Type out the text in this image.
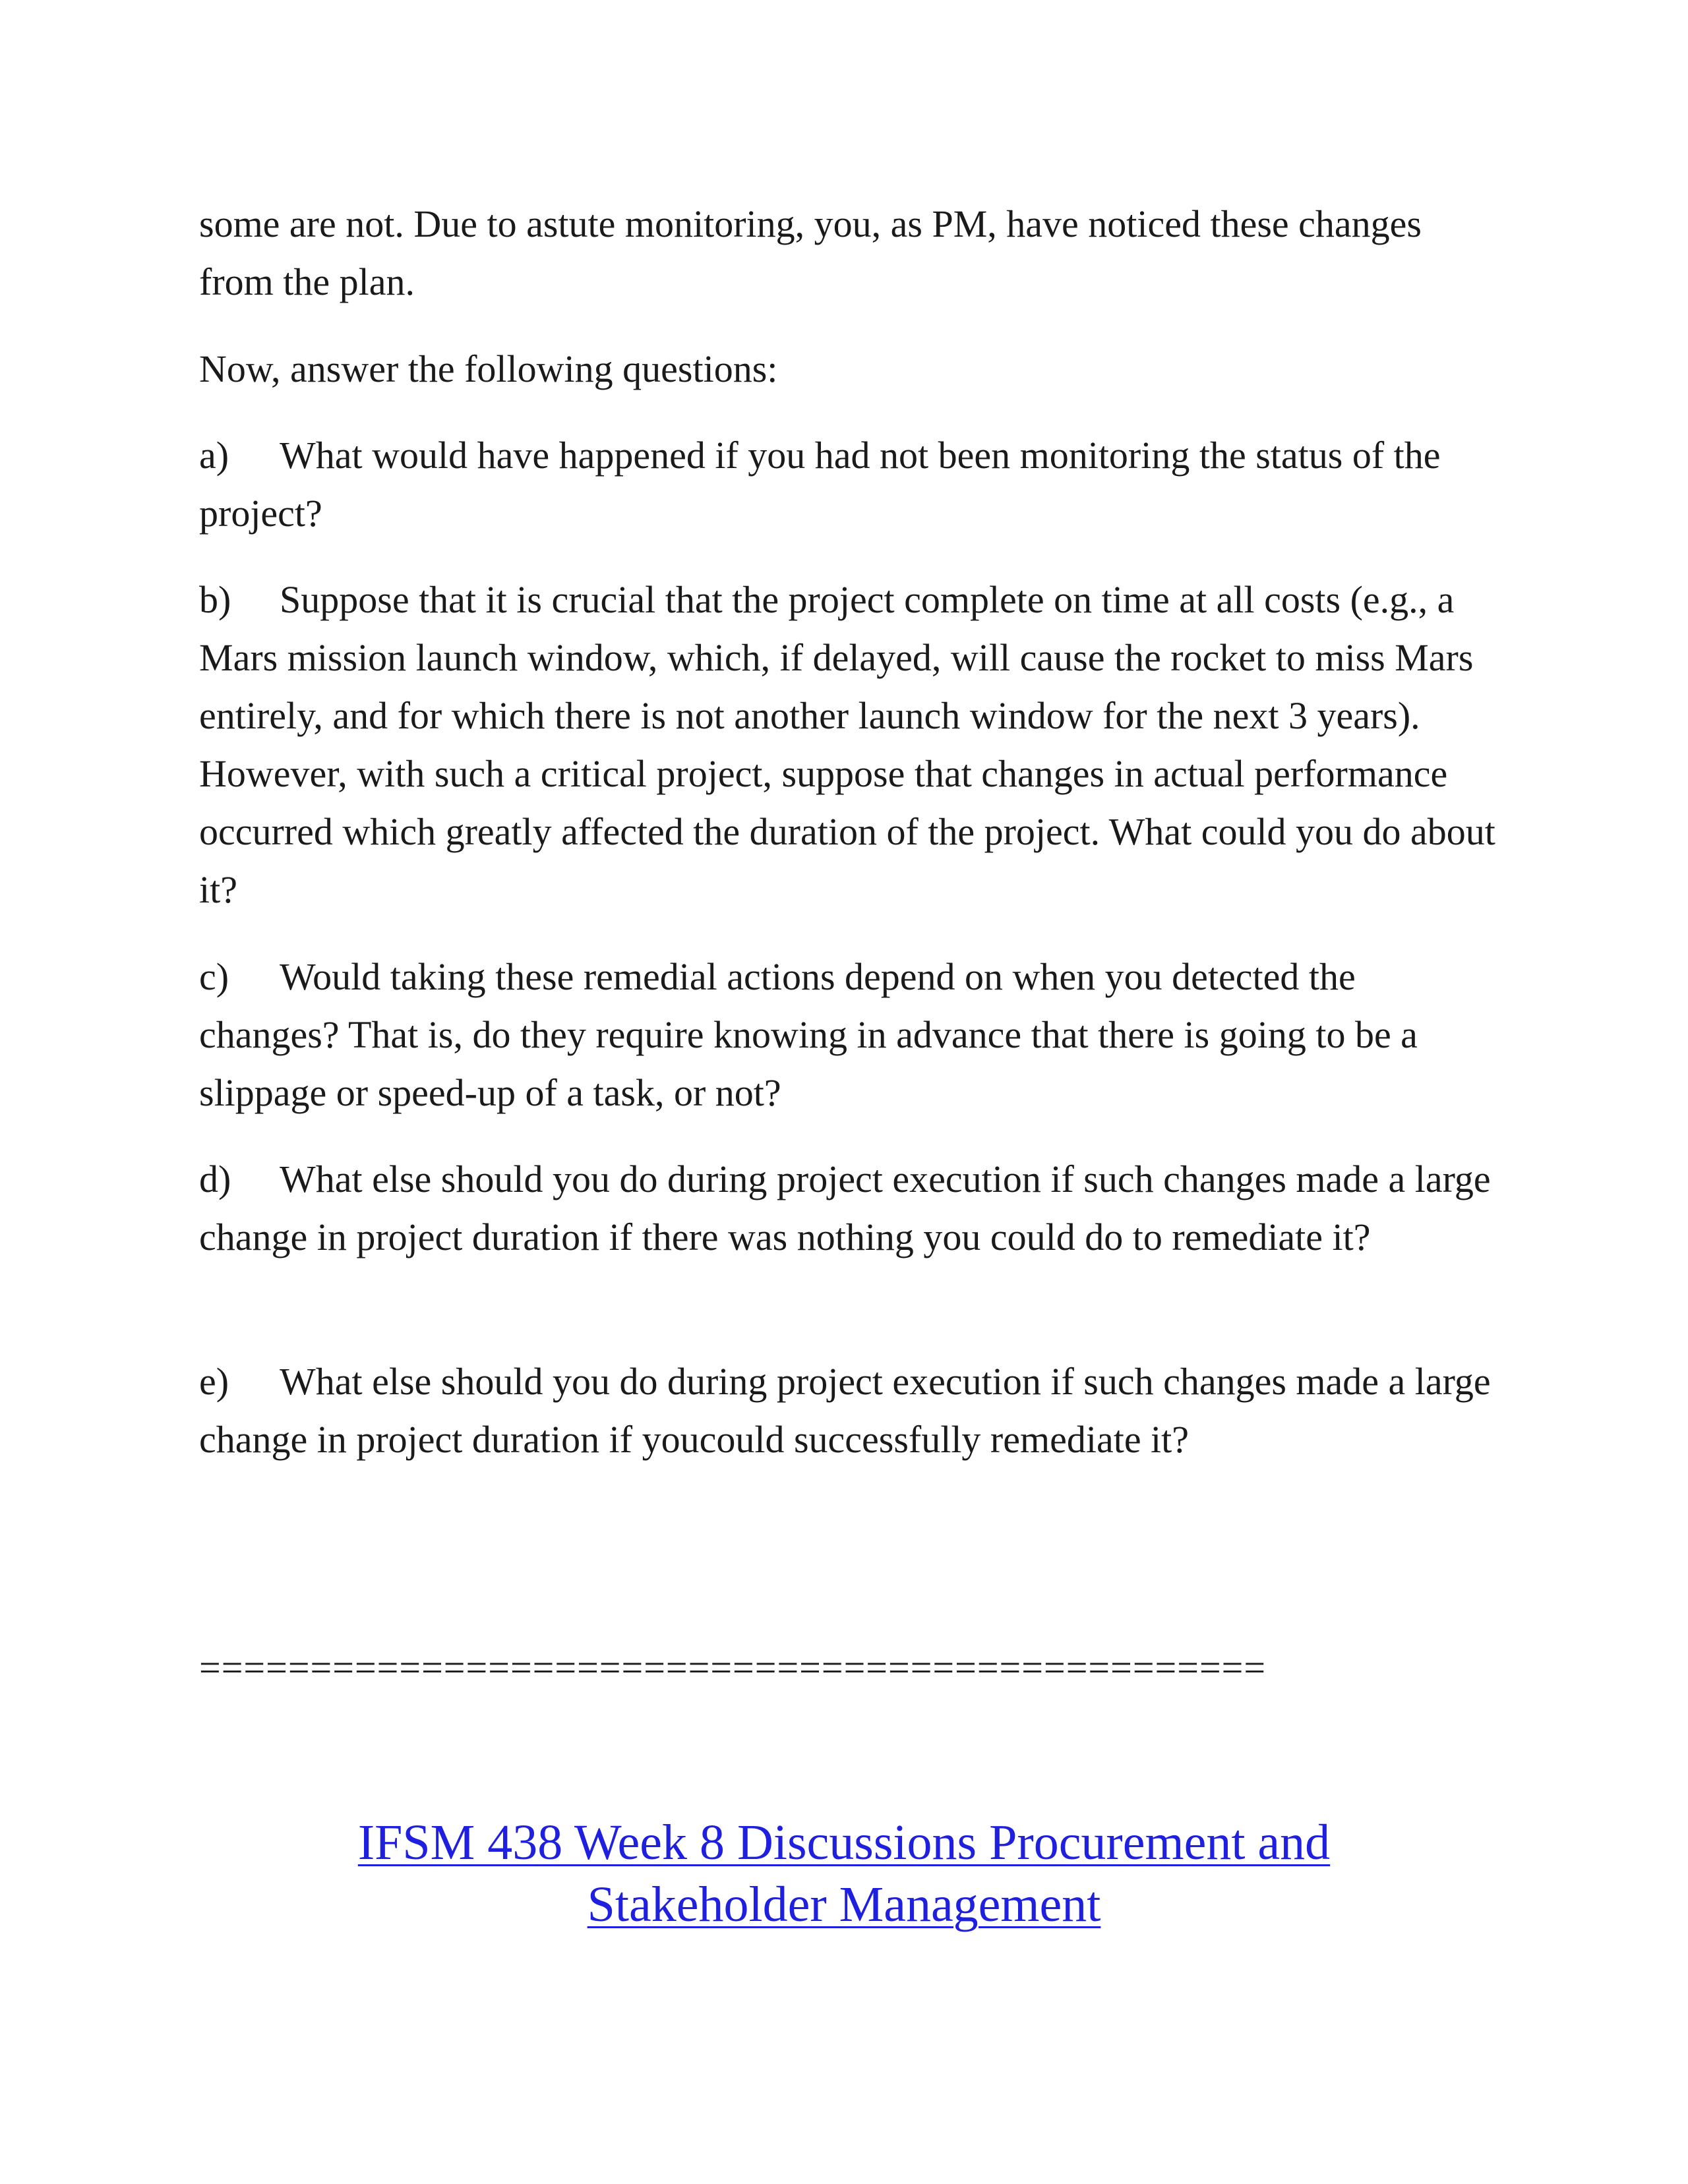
some are not. Due to astute monitoring, you, as PM, have noticed these changes from the plan.

Now, answer the following questions:

a) What would have happened if you had not been monitoring the status of the project?

b) Suppose that it is crucial that the project complete on time at all costs (e.g., a Mars mission launch window, which, if delayed, will cause the rocket to miss Mars entirely, and for which there is not another launch window for the next 3 years). However, with such a critical project, suppose that changes in actual performance occurred which greatly affected the duration of the project. What could you do about it?

c) Would taking these remedial actions depend on when you detected the changes? That is, do they require knowing in advance that there is going to be a slippage or speed-up of a task, or not?

d) What else should you do during project execution if such changes made a large change in project duration if there was nothing you could do to remediate it?

e) What else should you do during project execution if such changes made a large change in project duration if youcould successfully remediate it?

================================================

IFSM 438 Week 8 Discussions Procurement and
Stakeholder Management
